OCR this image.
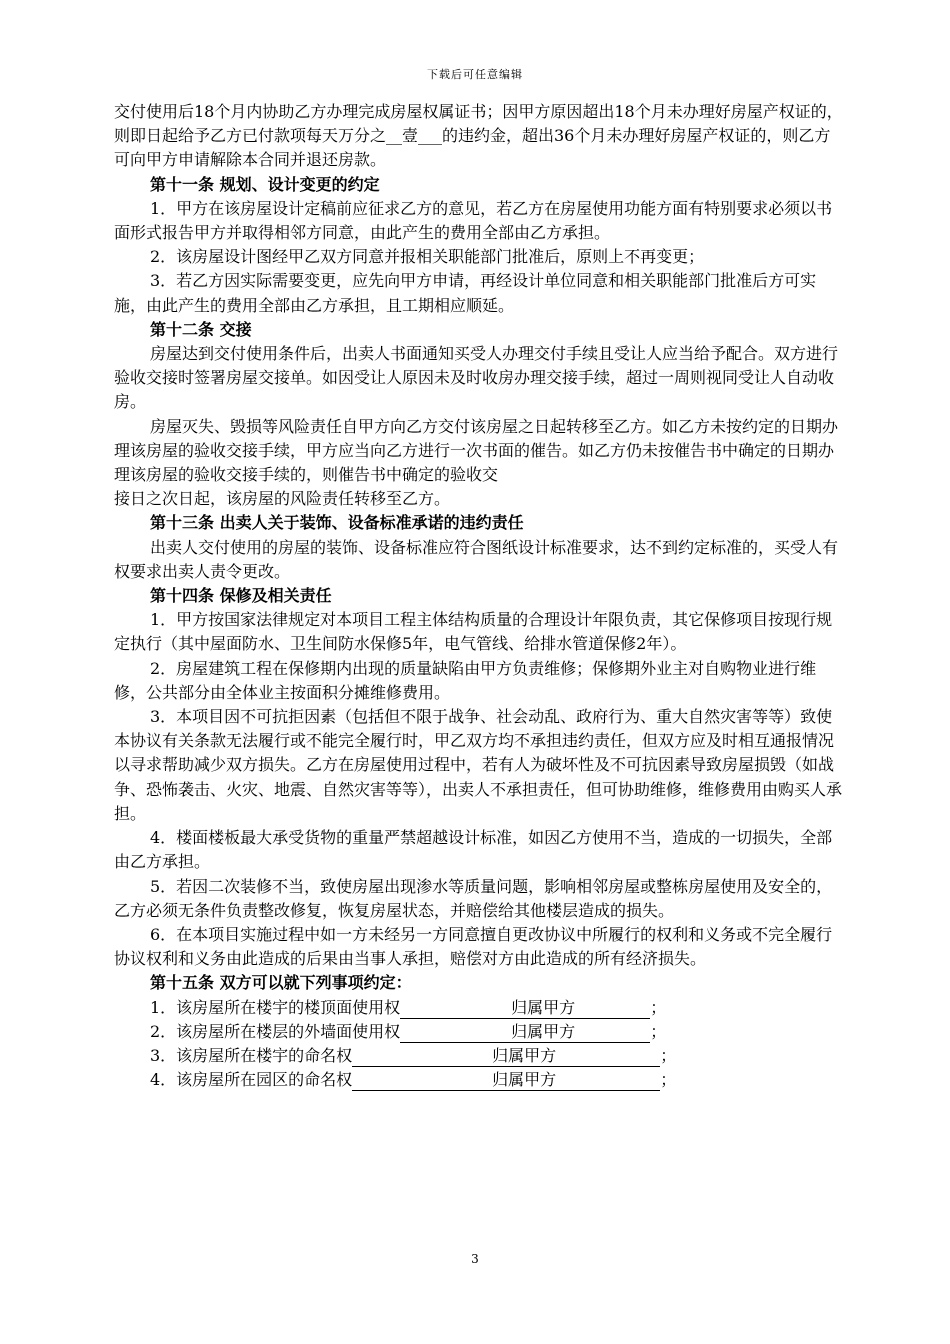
下载后可任意编辑

交付使用后18个月内协助乙方办理完成房屋权属证书；因甲方原因超出18个月未办理好房屋产权证的，则即日起给予乙方已付款项每天万分之__壹___的违约金，超出36个月未办理好房屋产权证的，则乙方可向甲方申请解除本合同并退还房款。

第十一条 规划、设计变更的约定

1．甲方在该房屋设计定稿前应征求乙方的意见，若乙方在房屋使用功能方面有特别要求必须以书面形式报告甲方并取得相邻方同意，由此产生的费用全部由乙方承担。

2．该房屋设计图经甲乙双方同意并报相关职能部门批准后，原则上不再变更；

3．若乙方因实际需要变更，应先向甲方申请，再经设计单位同意和相关职能部门批准后方可实施，由此产生的费用全部由乙方承担，且工期相应顺延。

第十二条 交接

房屋达到交付使用条件后，出卖人书面通知买受人办理交付手续且受让人应当给予配合。双方进行验收交接时签署房屋交接单。如因受让人原因未及时收房办理交接手续，超过一周则视同受让人自动收房。

房屋灭失、毁损等风险责任自甲方向乙方交付该房屋之日起转移至乙方。如乙方未按约定的日期办理该房屋的验收交接手续，甲方应当向乙方进行一次书面的催告。如乙方仍未按催告书中确定的日期办理该房屋的验收交接手续的，则催告书中确定的验收交

接日之次日起，该房屋的风险责任转移至乙方。

第十三条 出卖人关于装饰、设备标准承诺的违约责任

出卖人交付使用的房屋的装饰、设备标准应符合图纸设计标准要求，达不到约定标准的，买受人有权要求出卖人责令更改。

第十四条 保修及相关责任

1．甲方按国家法律规定对本项目工程主体结构质量的合理设计年限负责，其它保修项目按现行规定执行（其中屋面防水、卫生间防水保修5年，电气管线、给排水管道保修2年）。

2．房屋建筑工程在保修期内出现的质量缺陷由甲方负责维修；保修期外业主对自购物业进行维修，公共部分由全体业主按面积分摊维修费用。

3．本项目因不可抗拒因素（包括但不限于战争、社会动乱、政府行为、重大自然灾害等等）致使本协议有关条款无法履行或不能完全履行时，甲乙双方均不承担违约责任，但双方应及时相互通报情况以寻求帮助减少双方损失。乙方在房屋使用过程中，若有人为破坏性及不可抗因素导致房屋损毁（如战争、恐怖袭击、火灾、地震、自然灾害等等），出卖人不承担责任，但可协助维修，维修费用由购买人承担。

4．楼面楼板最大承受货物的重量严禁超越设计标准，如因乙方使用不当，造成的一切损失，全部由乙方承担。

5．若因二次装修不当，致使房屋出现渗水等质量问题，影响相邻房屋或整栋房屋使用及安全的，乙方必须无条件负责整改修复，恢复房屋状态，并赔偿给其他楼层造成的损失。

6．在本项目实施过程中如一方未经另一方同意擅自更改协议中所履行的权利和义务或不完全履行协议权利和义务由此造成的后果由当事人承担，赔偿对方由此造成的所有经济损失。

第十五条 双方可以就下列事项约定：

1．该房屋所在楼宇的楼顶面使用权	归属甲方	；

2．该房屋所在楼层的外墙面使用权	归属甲方	；

3．该房屋所在楼宇的命名权	归属甲方	；

4．该房屋所在园区的命名权	归属甲方	；

3
